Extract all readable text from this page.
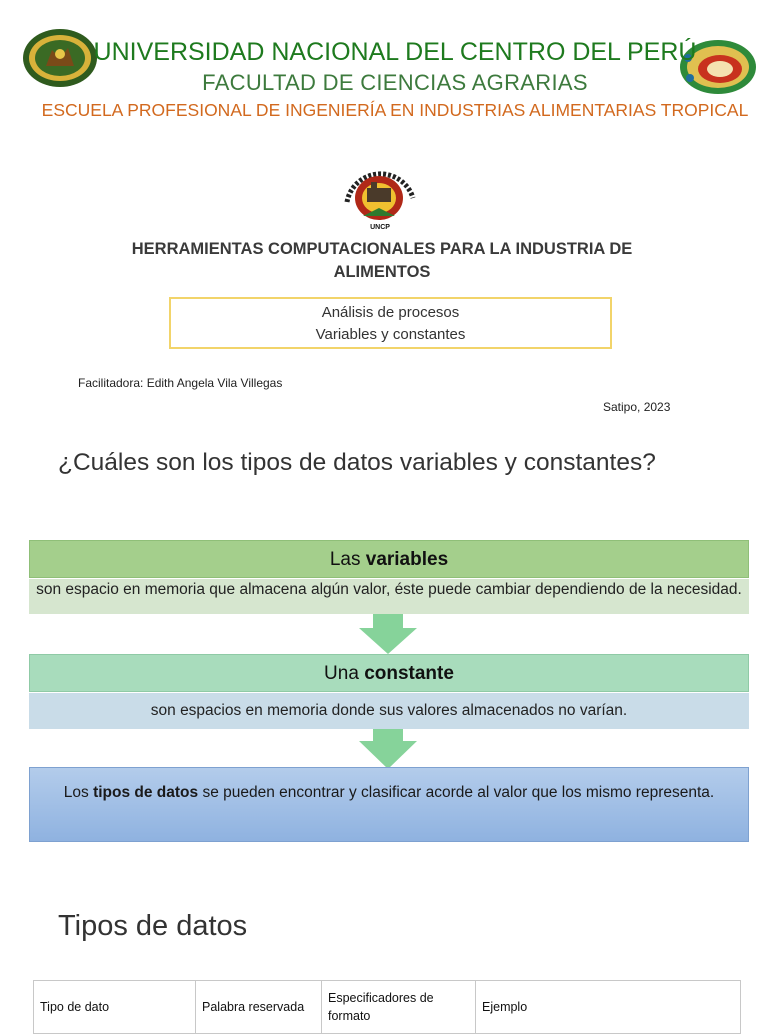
UNCP
UNIVERSIDAD NACIONAL DEL CENTRO DEL PERÚ
FACULTAD DE CIENCIAS AGRARIAS
ESCUELA PROFESIONAL DE INGENIERÍA EN INDUSTRIAS ALIMENTARIAS TROPICAL
HERRAMIENTAS COMPUTACIONALES PARA LA INDUSTRIA DE ALIMENTOS
Análisis de procesos
Variables y constantes
Facilitadora: Edith Angela Vila Villegas
Satipo, 2023
¿Cuáles son los tipos de datos variables y constantes?
Las variables
son espacio en memoria que almacena algún valor, éste puede cambiar dependiendo de la necesidad.
Una constante
son espacios en memoria donde sus valores almacenados no varían.
Los tipos de datos se pueden encontrar y clasificar acorde al valor que los mismo representa.
Tipos de datos
Tipo de dato	Palabra reservada	Especificadores de formato	Ejemplo
